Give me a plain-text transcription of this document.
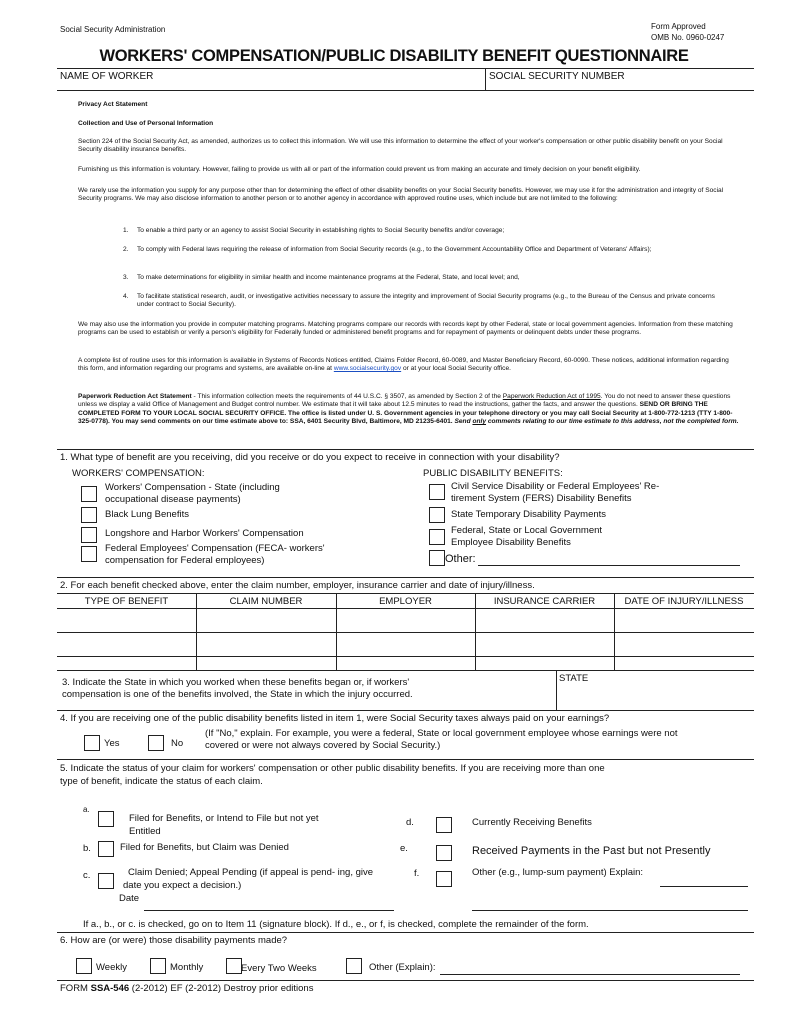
Social Security Administration	Form Approved
OMB No. 0960-0247
WORKERS' COMPENSATION/PUBLIC DISABILITY BENEFIT QUESTIONNAIRE
NAME OF WORKER	SOCIAL SECURITY NUMBER
Privacy Act Statement
Collection and Use of Personal Information
Section 224 of the Social Security Act, as amended, authorizes us to collect this information. We will use this information to determine the effect of your worker's compensation or other public disability benefit on your Social Security disability insurance benefits.
Furnishing us this information is voluntary. However, failing to provide us with all or part of the information could prevent us from making an accurate and timely decision on your benefit eligibility.
We rarely use the information you supply for any purpose other than for determining the effect of other disability benefits on your Social Security benefits. However, we may use it for the administration and integrity of Social Security programs. We may also disclose information to another person or to another agency in accordance with approved routine uses, which include but are not limited to the following:
1. To enable a third party or an agency to assist Social Security in establishing rights to Social Security benefits and/or coverage;
2. To comply with Federal laws requiring the release of information from Social Security records (e.g., to the Government Accountability Office and Department of Veterans' Affairs);
3. To make determinations for eligibility in similar health and income maintenance programs at the Federal, State, and local level; and,
4. To facilitate statistical research, audit, or investigative activities necessary to assure the integrity and improvement of Social Security programs (e.g., to the Bureau of the Census and private concerns under contract to Social Security).
We may also use the information you provide in computer matching programs. Matching programs compare our records with records kept by other Federal, state or local government agencies. Information from these matching programs can be used to establish or verify a person's eligibility for Federally funded or administered benefit programs and for repayment of payments or delinquent debts under these programs.
A complete list of routine uses for this information is available in Systems of Records Notices entitled, Claims Folder Record, 60-0089, and Master Beneficiary Record, 60-0090. These notices, additional information regarding this form, and information regarding our programs and systems, are available on-line at www.socialsecurity.gov or at your local Social Security office.
Paperwork Reduction Act Statement - This information collection meets the requirements of 44 U.S.C. § 3507, as amended by Section 2 of the Paperwork Reduction Act of 1995. You do not need to answer these questions unless we display a valid Office of Management and Budget control number. We estimate that it will take about 12.5 minutes to read the instructions, gather the facts, and answer the questions. SEND OR BRING THE COMPLETED FORM TO YOUR LOCAL SOCIAL SECURITY OFFICE. The office is listed under U. S. Government agencies in your telephone directory or you may call Social Security at 1-800-772-1213 (TTY 1-800-325-0778). You may send comments on our time estimate above to: SSA, 6401 Security Blvd, Baltimore, MD 21235-6401. Send only comments relating to our time estimate to this address, not the completed form.
1. What type of benefit are you receiving, did you receive or do you expect to receive in connection with your disability?
WORKERS' COMPENSATION:	PUBLIC DISABILITY BENEFITS:
Workers' Compensation - State (including occupational disease payments)
Black Lung Benefits
Longshore and Harbor Workers' Compensation
Federal Employees' Compensation (FECA- workers' compensation for Federal employees)
Civil Service Disability or Federal Employees' Re- tirement System (FERS) Disability Benefits
State Temporary Disability Payments
Federal, State or Local Government Employee Disability Benefits
Other:
2. For each benefit checked above, enter the claim number, employer, insurance carrier and date of injury/illness.
TYPE OF BENEFIT	CLAIM NUMBER	EMPLOYER	INSURANCE CARRIER	DATE OF INJURY/ILLNESS
3. Indicate the State in which you worked when these benefits began or, if workers' compensation is one of the benefits involved, the State in which the injury occurred.
STATE
4. If you are receiving one of the public disability benefits listed in item 1, were Social Security taxes always paid on your earnings?
Yes	No
(If "No," explain. For example, you were a federal, State or local government employee whose earnings were not covered or were not always covered by Social Security.)
5. Indicate the status of your claim for workers' compensation or other public disability benefits. If you are receiving more than one type of benefit, indicate the status of each claim.
a.
Filed for Benefits, or Intend to File but not yet Entitled
b.	Filed for Benefits, but Claim was Denied
c.	Claim Denied; Appeal Pending (if appeal is pend- ing, give date you expect a decision.)
Date
d.	Currently Receiving Benefits
e.	Received Payments in the Past but not Presently
f.	Other (e.g., lump-sum payment) Explain:
If a., b., or c. is checked, go on to Item 11 (signature block). If d., e., or f, is checked, complete the remainder of the form.
6. How are (or were) those disability payments made?
Weekly	Monthly	Every Two Weeks	Other (Explain):
FORM SSA-546 (2-2012) EF (2-2012) Destroy prior editions
